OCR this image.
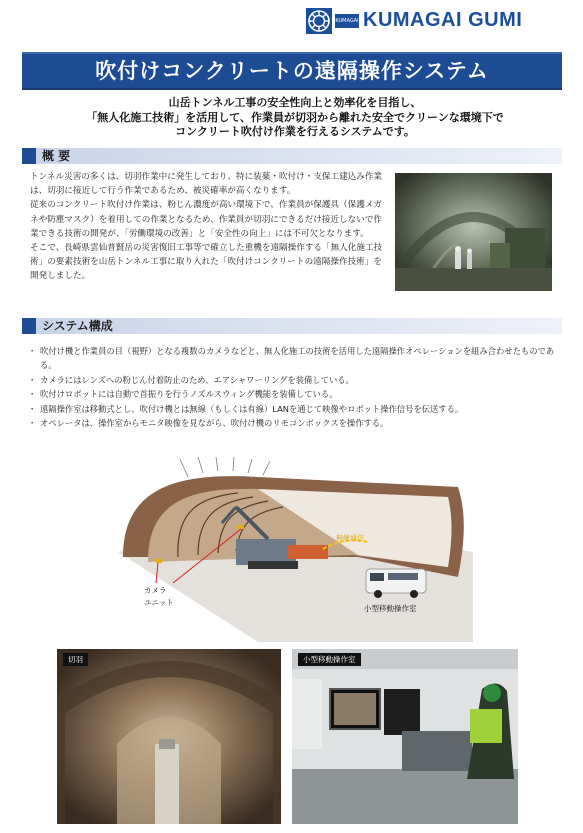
KUMAGAI KUMAGAI GUMI
吹付けコンクリートの遠隔操作システム
山岳トンネル工事の安全性向上と効率化を目指し、
「無人化施工技術」を活用して、作業員が切羽から離れた安全でクリーンな環境下で
コンクリート吹付け作業を行えるシステムです。
概 要

トンネル災害の多くは、切羽作業中に発生しており、特に装薬・吹付け・支保工建込み作業は、切羽に接近して行う作業であるため、被災確率が高くなります。

従来のコンクリート吹付け作業は、粉じん濃度が高い環境下で、作業員が保護具（保護メガネや防塵マスク）を着用しての作業となるため、作業員が切羽にできるだけ接近しないで作業できる技術の開発が、「労働環境の改善」と「安全性の向上」には不可欠となります。

そこで、長崎県雲仙普賢岳の災害復旧工事等で確立した重機を遠隔操作する「無人化施工技術」の要素技術を山岳トンネル工事に取り入れた「吹付けコンクリートの遠隔操作技術」を開発しました。

システム構成
・ 吹付け機と作業員の目（視野）となる複数のカメラなどと、無人化施工の技術を活用した遠隔操作オペレーションを組み合わせたものである。
・ カメラにはレンズへの粉じん付着防止のため、エアシャワーリングを装備している。
・ 吹付けロボットには自動で首振りを行うノズルスウィング機能を装備している。
・ 遠隔操作室は移動式とし、吹付け機とは無線（もしくは有線）LANを通じて映像やロボット操作信号を伝送する。
・ オペレータは、操作室からモニタ映像を見ながら、吹付け機のリモコンボックスを操作する。
カメラ
ユニット
無線通信
小型移動操作室
切羽	小型移動操作室
